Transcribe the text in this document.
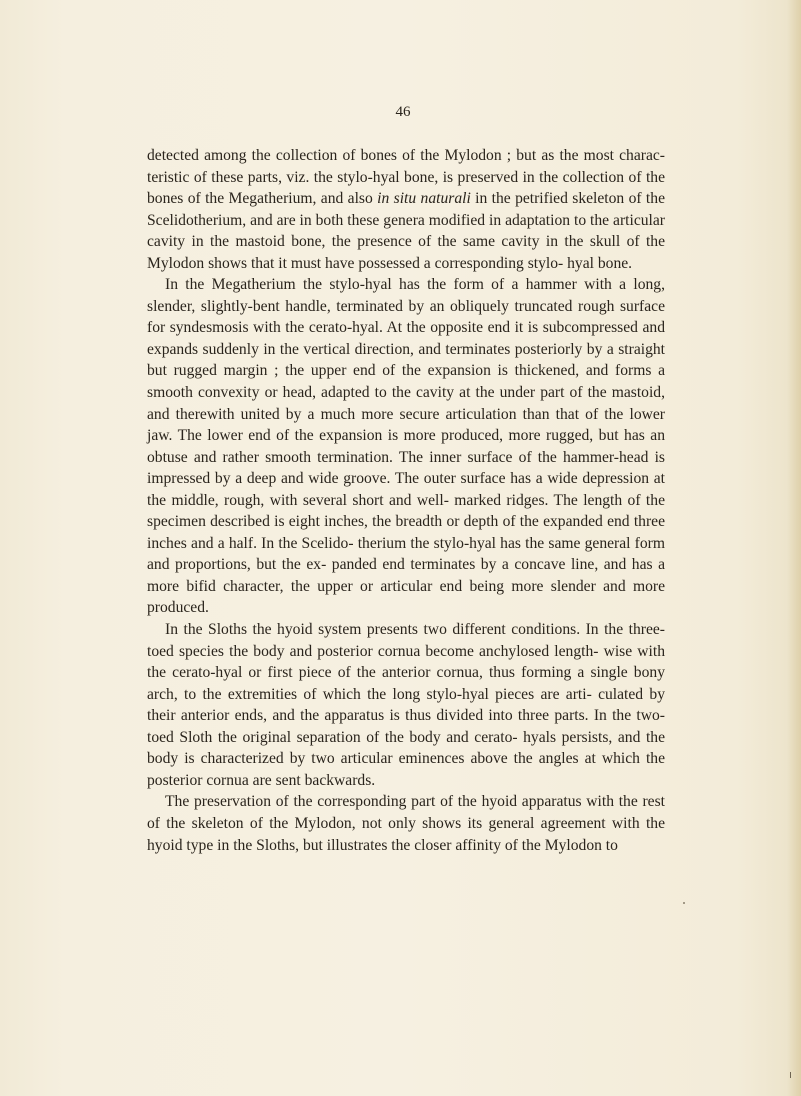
46

detected among the collection of bones of the Mylodon ; but as the most charac- teristic of these parts, viz. the stylo-hyal bone, is preserved in the collection of the bones of the Megatherium, and also in situ naturali in the petrified skeleton of the Scelidotherium, and are in both these genera modified in adaptation to the articular cavity in the mastoid bone, the presence of the same cavity in the skull of the Mylodon shows that it must have possessed a corresponding stylo- hyal bone.

In the Megatherium the stylo-hyal has the form of a hammer with a long, slender, slightly-bent handle, terminated by an obliquely truncated rough surface for syndesmosis with the cerato-hyal. At the opposite end it is subcompressed and expands suddenly in the vertical direction, and terminates posteriorly by a straight but rugged margin ; the upper end of the expansion is thickened, and forms a smooth convexity or head, adapted to the cavity at the under part of the mastoid, and therewith united by a much more secure articulation than that of the lower jaw. The lower end of the expansion is more produced, more rugged, but has an obtuse and rather smooth termination. The inner surface of the hammer-head is impressed by a deep and wide groove. The outer surface has a wide depression at the middle, rough, with several short and well- marked ridges. The length of the specimen described is eight inches, the breadth or depth of the expanded end three inches and a half. In the Scelido- therium the stylo-hyal has the same general form and proportions, but the ex- panded end terminates by a concave line, and has a more bifid character, the upper or articular end being more slender and more produced.

In the Sloths the hyoid system presents two different conditions. In the three-toed species the body and posterior cornua become anchylosed length- wise with the cerato-hyal or first piece of the anterior cornua, thus forming a single bony arch, to the extremities of which the long stylo-hyal pieces are arti- culated by their anterior ends, and the apparatus is thus divided into three parts. In the two-toed Sloth the original separation of the body and cerato- hyals persists, and the body is characterized by two articular eminences above the angles at which the posterior cornua are sent backwards.

The preservation of the corresponding part of the hyoid apparatus with the rest of the skeleton of the Mylodon, not only shows its general agreement with the hyoid type in the Sloths, but illustrates the closer affinity of the Mylodon to
